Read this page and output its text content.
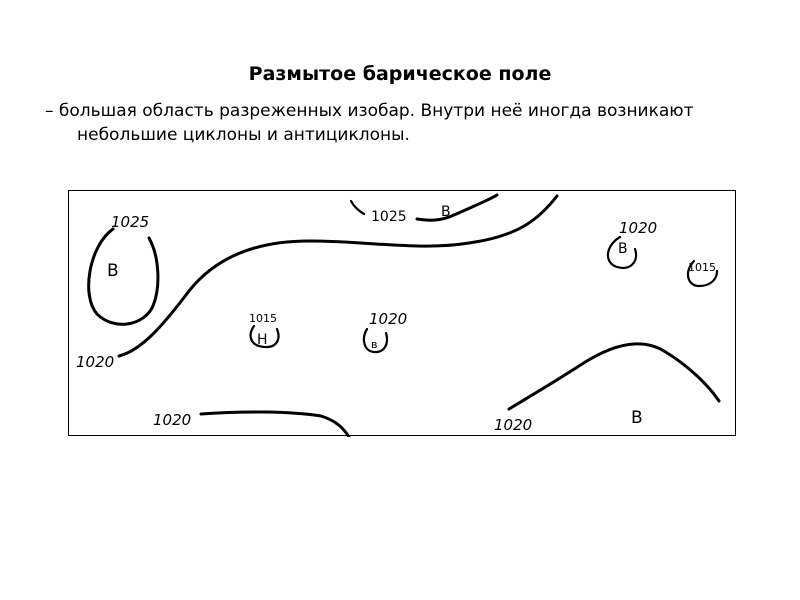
Размытое барическое поле
– большая область разреженных изобар. Внутри неё иногда возникают небольшие циклоны и антициклоны.
1025	1025
1020
1015	1020
1020	1020
1020
1015
В
В
Н	в
В
В
